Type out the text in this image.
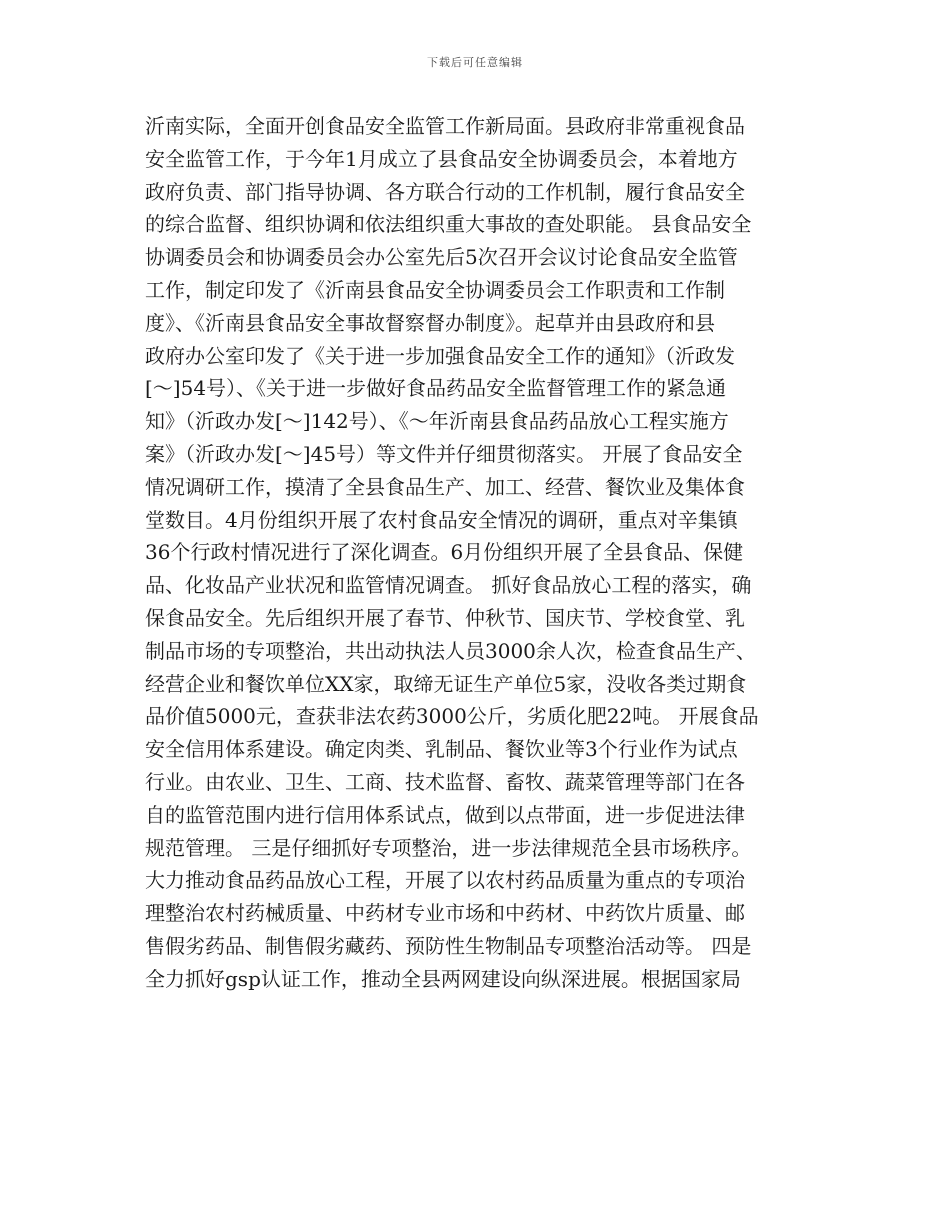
下载后可任意编辑
沂南实际，全面开创食品安全监管工作新局面。县政府非常重视食品
安全监管工作，于今年1月成立了县食品安全协调委员会，本着地方
政府负责、部门指导协调、各方联合行动的工作机制，履行食品安全
的综合监督、组织协调和依法组织重大事故的查处职能。 县食品安全
协调委员会和协调委员会办公室先后5次召开会议讨论食品安全监管
工作，制定印发了《沂南县食品安全协调委员会工作职责和工作制
度》、《沂南县食品安全事故督察督办制度》。起草并由县政府和县
政府办公室印发了《关于进一步加强食品安全工作的通知》（沂政发
[～]54号）、《关于进一步做好食品药品安全监督管理工作的紧急通
知》（沂政办发[～]142号）、《～年沂南县食品药品放心工程实施方
案》（沂政办发[～]45号）等文件并仔细贯彻落实。 开展了食品安全
情况调研工作，摸清了全县食品生产、加工、经营、餐饮业及集体食
堂数目。4月份组织开展了农村食品安全情况的调研，重点对辛集镇
36个行政村情况进行了深化调查。6月份组织开展了全县食品、保健
品、化妆品产业状况和监管情况调查。 抓好食品放心工程的落实，确
保食品安全。先后组织开展了春节、仲秋节、国庆节、学校食堂、乳
制品市场的专项整治，共出动执法人员3000余人次，检查食品生产、
经营企业和餐饮单位XX家，取缔无证生产单位5家，没收各类过期食
品价值5000元，查获非法农药3000公斤，劣质化肥22吨。 开展食品
安全信用体系建设。确定肉类、乳制品、餐饮业等3个行业作为试点
行业。由农业、卫生、工商、技术监督、畜牧、蔬菜管理等部门在各
自的监管范围内进行信用体系试点，做到以点带面，进一步促进法律
规范管理。 三是仔细抓好专项整治，进一步法律规范全县市场秩序。
大力推动食品药品放心工程，开展了以农村药品质量为重点的专项治
理整治农村药械质量、中药材专业市场和中药材、中药饮片质量、邮
售假劣药品、制售假劣藏药、预防性生物制品专项整治活动等。 四是
全力抓好gsp认证工作，推动全县两网建设向纵深进展。根据国家局
